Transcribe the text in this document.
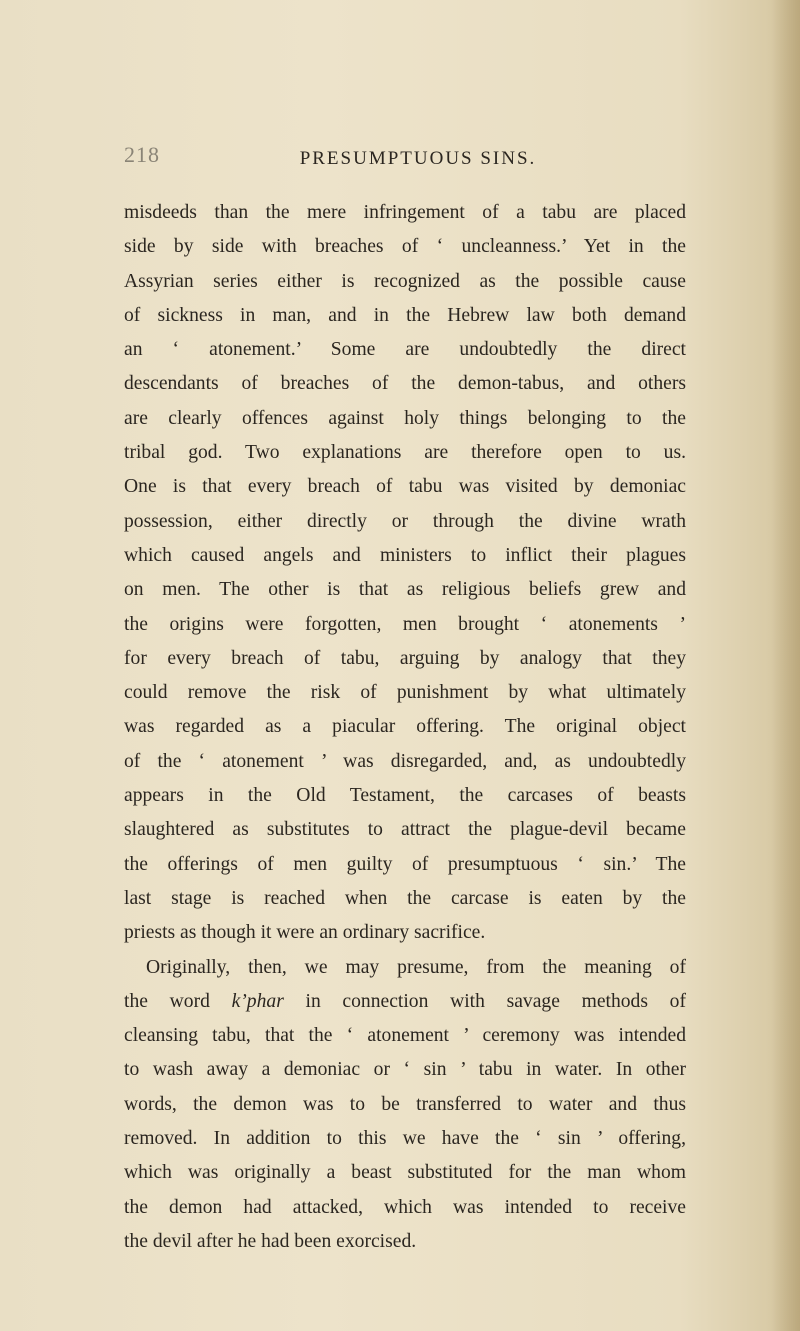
218	PRESUMPTUOUS SINS.
misdeeds than the mere infringement of a tabu are placed
side by side with breaches of ‘ uncleanness.’ Yet in the
Assyrian series either is recognized as the possible cause
of sickness in man, and in the Hebrew law both demand
an ‘ atonement.’ Some are undoubtedly the direct
descendants of breaches of the demon-tabus, and others
are clearly offences against holy things belonging to the
tribal god. Two explanations are therefore open to us.
One is that every breach of tabu was visited by demoniac
possession, either directly or through the divine wrath
which caused angels and ministers to inflict their plagues
on men. The other is that as religious beliefs grew and
the origins were forgotten, men brought ‘ atonements ’
for every breach of tabu, arguing by analogy that they
could remove the risk of punishment by what ultimately
was regarded as a piacular offering. The original object
of the ‘ atonement ’ was disregarded, and, as undoubtedly
appears in the Old Testament, the carcases of beasts
slaughtered as substitutes to attract the plague-devil became
the offerings of men guilty of presumptuous ‘ sin.’ The
last stage is reached when the carcase is eaten by the
priests as though it were an ordinary sacrifice.
Originally, then, we may presume, from the meaning of
the word k’phar in connection with savage methods of
cleansing tabu, that the ‘ atonement ’ ceremony was intended
to wash away a demoniac or ‘ sin ’ tabu in water. In other
words, the demon was to be transferred to water and thus
removed. In addition to this we have the ‘ sin ’ offering,
which was originally a beast substituted for the man whom
the demon had attacked, which was intended to receive
the devil after he had been exorcised.
